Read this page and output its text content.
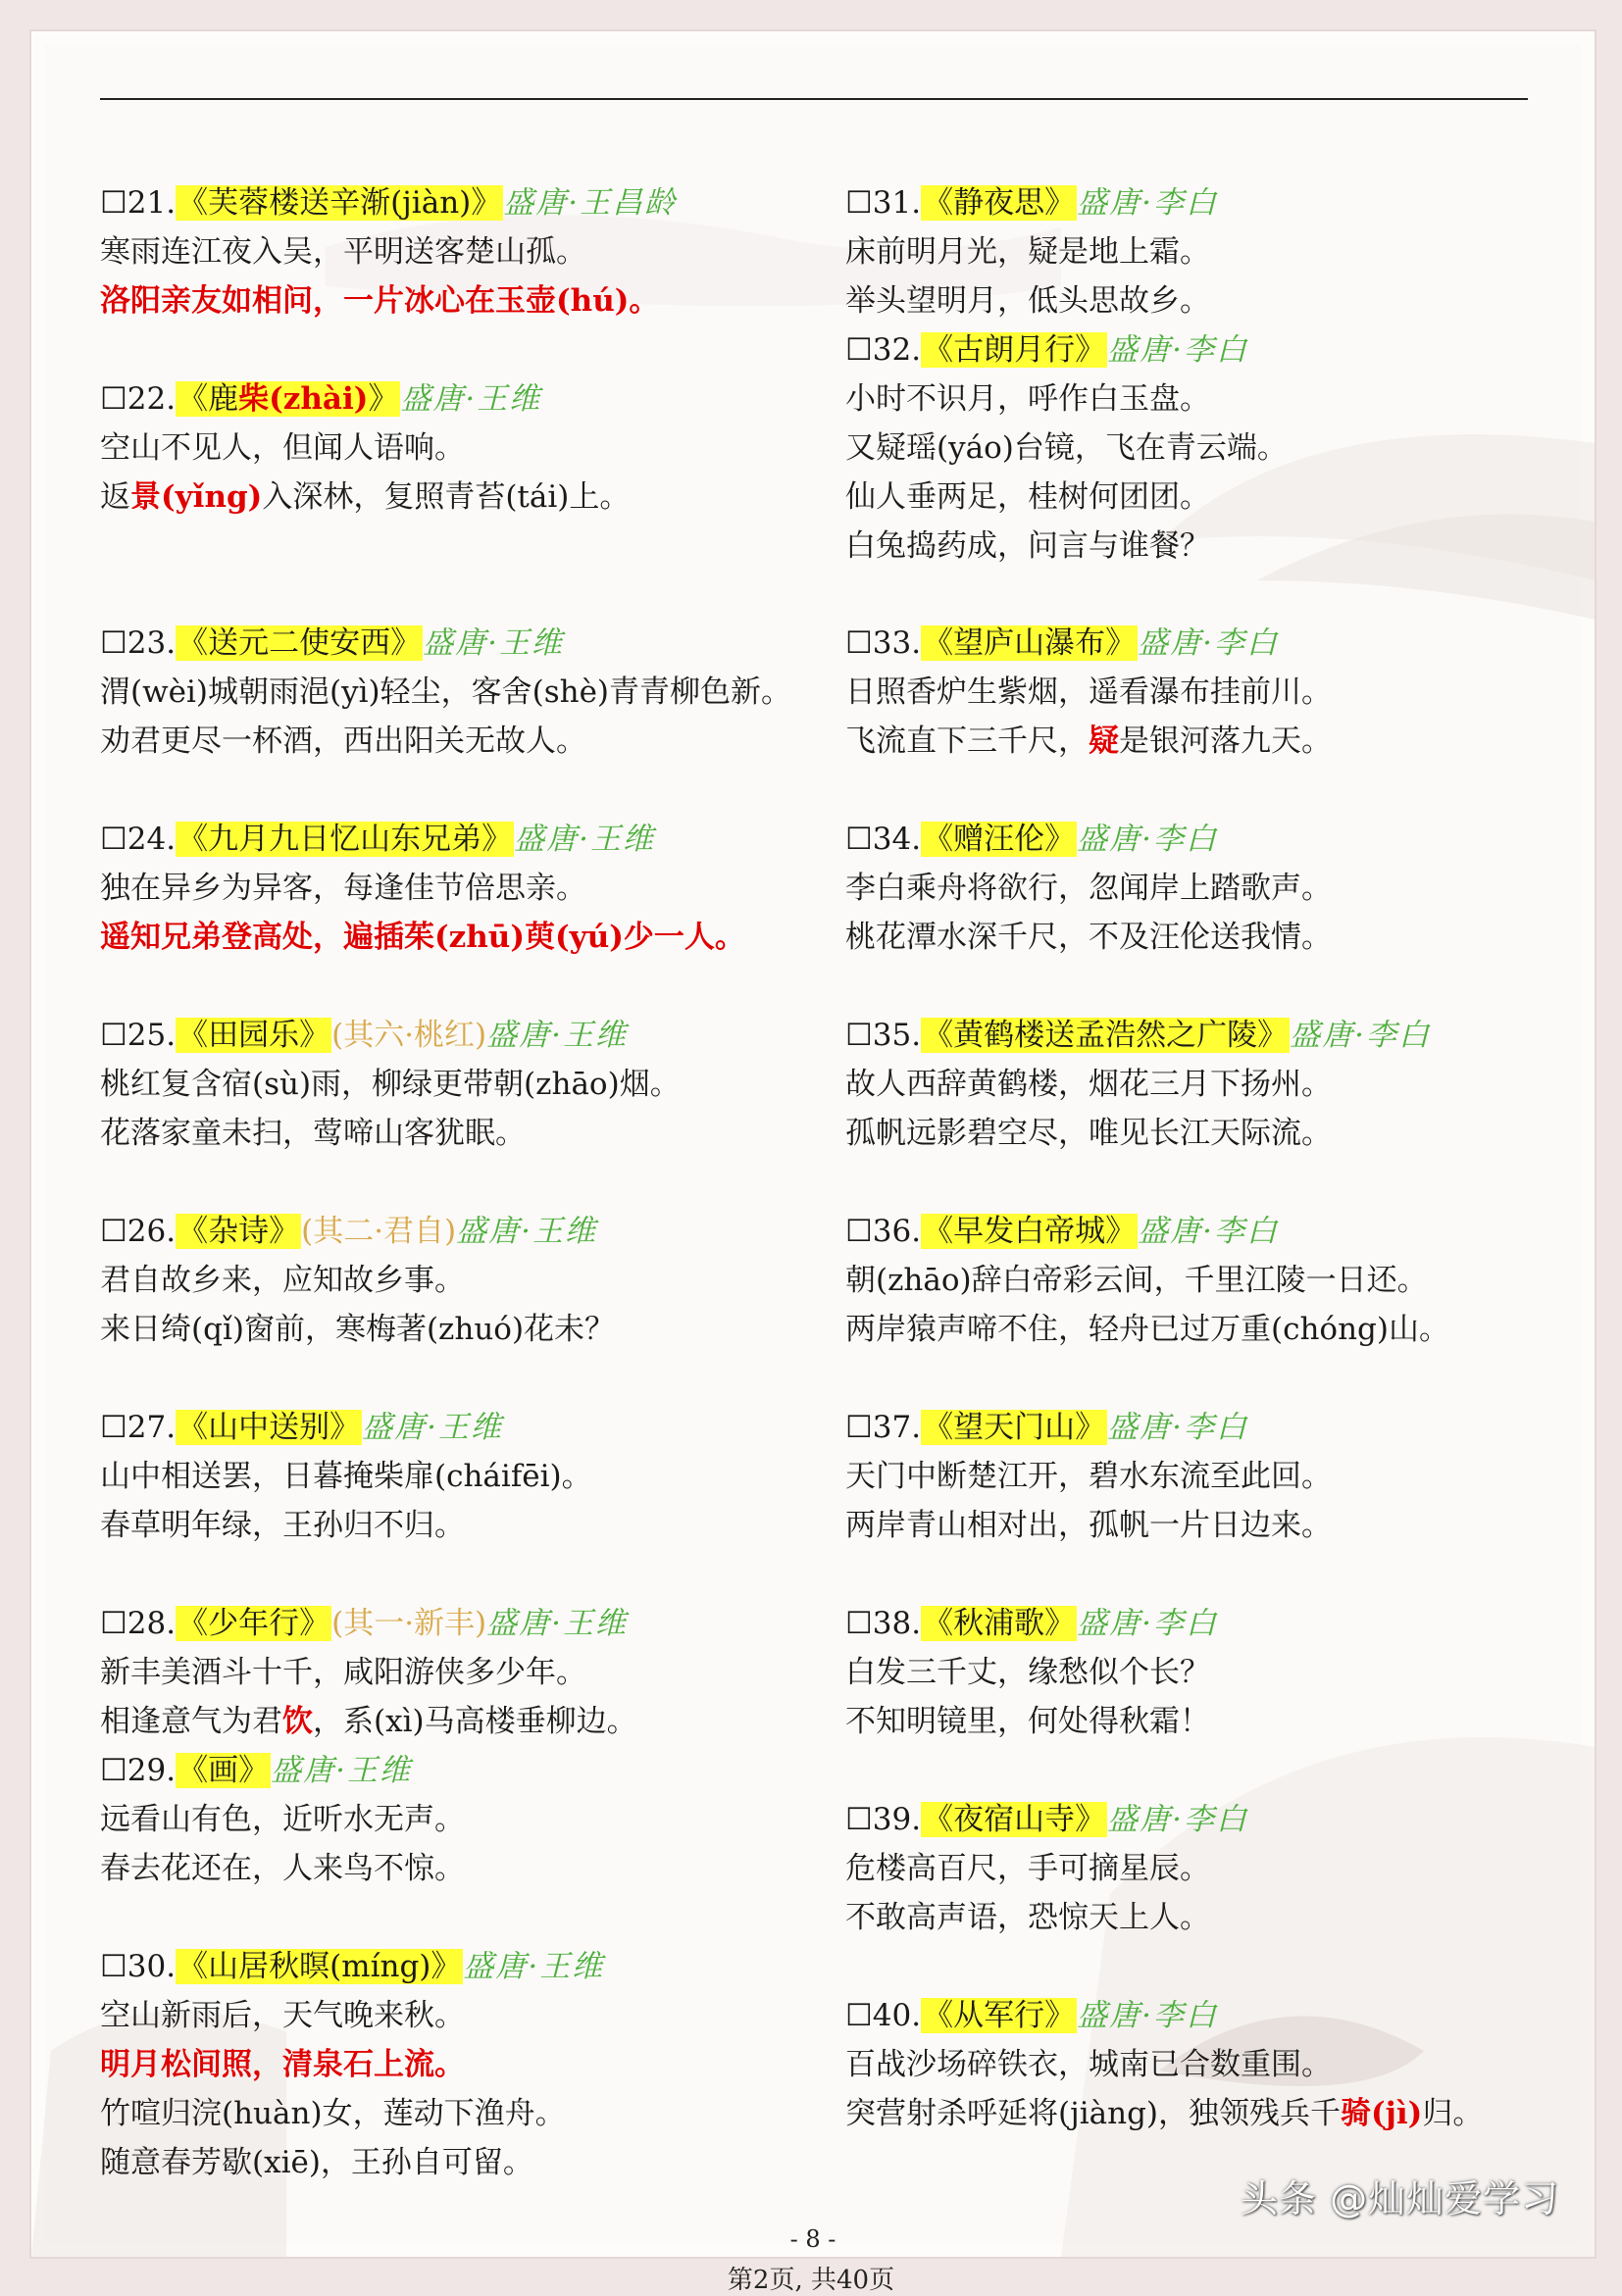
☐21.《芙蓉楼送辛渐(jiàn)》盛唐·王昌龄
寒雨连江夜入吴，平明送客楚山孤。
洛阳亲友如相问，一片冰心在玉壶(hú)。
☐22.《鹿柴(zhài)》盛唐·王维
空山不见人，但闻人语响。
返景(yǐng)入深林，复照青苔(tái)上。
☐23.《送元二使安西》盛唐·王维
渭(wèi)城朝雨浥(yì)轻尘，客舍(shè)青青柳色新。
劝君更尽一杯酒，西出阳关无故人。
☐24.《九月九日忆山东兄弟》盛唐·王维
独在异乡为异客，每逢佳节倍思亲。
遥知兄弟登高处，遍插茱(zhū)萸(yú)少一人。
☐25.《田园乐》(其六·桃红)盛唐·王维
桃红复含宿(sù)雨，柳绿更带朝(zhāo)烟。
花落家童未扫，莺啼山客犹眠。
☐26.《杂诗》(其二·君自)盛唐·王维
君自故乡来，应知故乡事。
来日绮(qǐ)窗前，寒梅著(zhuó)花未？
☐27.《山中送别》盛唐·王维
山中相送罢，日暮掩柴扉(cháifēi)。
春草明年绿，王孙归不归。
☐28.《少年行》(其一·新丰)盛唐·王维
新丰美酒斗十千，咸阳游侠多少年。
相逢意气为君饮，系(xì)马高楼垂柳边。
☐29.《画》盛唐·王维
远看山有色，近听水无声。
春去花还在，人来鸟不惊。
☐30.《山居秋暝(míng)》盛唐·王维
空山新雨后，天气晚来秋。
明月松间照，清泉石上流。
竹喧归浣(huàn)女，莲动下渔舟。
随意春芳歇(xiē)，王孙自可留。
☐31.《静夜思》盛唐·李白
床前明月光，疑是地上霜。
举头望明月，低头思故乡。
☐32.《古朗月行》盛唐·李白
小时不识月，呼作白玉盘。
又疑瑶(yáo)台镜，飞在青云端。
仙人垂两足，桂树何团团。
白兔捣药成，问言与谁餐？
☐33.《望庐山瀑布》盛唐·李白
日照香炉生紫烟，遥看瀑布挂前川。
飞流直下三千尺，疑是银河落九天。
☐34.《赠汪伦》盛唐·李白
李白乘舟将欲行，忽闻岸上踏歌声。
桃花潭水深千尺，不及汪伦送我情。
☐35.《黄鹤楼送孟浩然之广陵》盛唐·李白
故人西辞黄鹤楼，烟花三月下扬州。
孤帆远影碧空尽，唯见长江天际流。
☐36.《早发白帝城》盛唐·李白
朝(zhāo)辞白帝彩云间，千里江陵一日还。
两岸猿声啼不住，轻舟已过万重(chóng)山。
☐37.《望天门山》盛唐·李白
天门中断楚江开，碧水东流至此回。
两岸青山相对出，孤帆一片日边来。
☐38.《秋浦歌》盛唐·李白
白发三千丈，缘愁似个长？
不知明镜里，何处得秋霜！
☐39.《夜宿山寺》盛唐·李白
危楼高百尺，手可摘星辰。
不敢高声语，恐惊天上人。
☐40.《从军行》盛唐·李白
百战沙场碎铁衣，城南已合数重围。
突营射杀呼延将(jiàng)，独领残兵千骑(jì)归。
- 8 -
第2页, 共40页
头条 @灿灿爱学习
